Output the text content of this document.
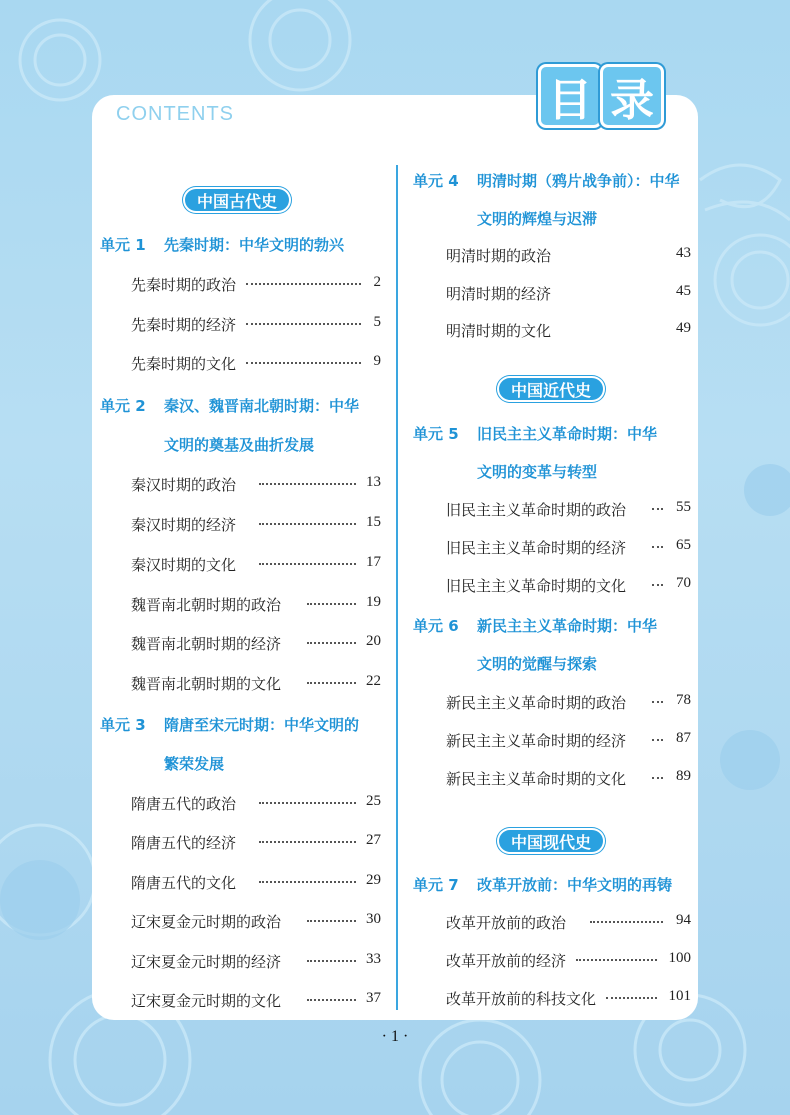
CONTENTS	目 录
中国古代史
单元 1 先秦时期：中华文明的勃兴
先秦时期的政治	2
先秦时期的经济	5
先秦时期的文化	9
单元 2 秦汉、魏晋南北朝时期：中华
文明的奠基及曲折发展
秦汉时期的政治	13
秦汉时期的经济	15
秦汉时期的文化	17
魏晋南北朝时期的政治	19
魏晋南北朝时期的经济	20
魏晋南北朝时期的文化	22
单元 3 隋唐至宋元时期：中华文明的
繁荣发展
隋唐五代的政治	25
隋唐五代的经济	27
隋唐五代的文化	29
辽宋夏金元时期的政治	30
辽宋夏金元时期的经济	33
辽宋夏金元时期的文化	37
单元 4 明清时期（鸦片战争前）：中华
文明的辉煌与迟滞
明清时期的政治	43
明清时期的经济	45
明清时期的文化	49
中国近代史
单元 5 旧民主主义革命时期：中华
文明的变革与转型
旧民主主义革命时期的政治	55
旧民主主义革命时期的经济	65
旧民主主义革命时期的文化	70
单元 6 新民主主义革命时期：中华
文明的觉醒与探索
新民主主义革命时期的政治	78
新民主主义革命时期的经济	87
新民主主义革命时期的文化	89
中国现代史
单元 7 改革开放前：中华文明的再铸
改革开放前的政治	94
改革开放前的经济	100
改革开放前的科技文化	101
· 1 ·
